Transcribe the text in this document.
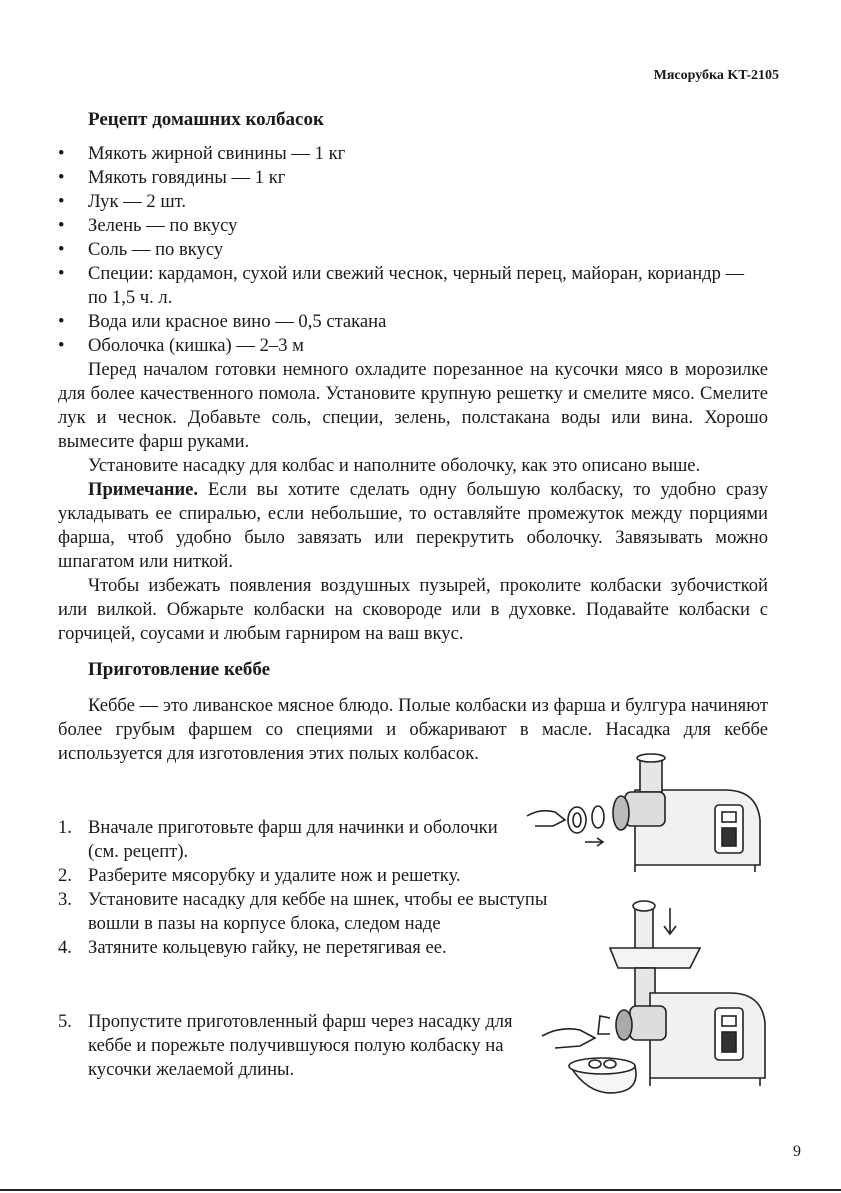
Мясорубка KT-2105
Рецепт домашних колбасок
• Мякоть жирной свинины — 1 кг
• Мякоть говядины — 1 кг
• Лук — 2 шт.
• Зелень — по вкусу
• Соль — по вкусу
• Специи: кардамон, сухой или свежий чеснок, черный перец, майоран, кориандр — по 1,5 ч. л.
• Вода или красное вино — 0,5 стакана
• Оболочка (кишка) — 2–3 м

Перед началом готовки немного охладите порезанное на кусочки мясо в морозилке для более качественного помола. Установите крупную решетку и смелите мясо. Смелите лук и чеснок. Добавьте соль, специи, зелень, полстакана воды или вина. Хорошо вымесите фарш руками.

Установите насадку для колбас и наполните оболочку, как это описано выше.

Примечание. Если вы хотите сделать одну большую колбаску, то удобно сразу укладывать ее спиралью, если небольшие, то оставляйте промежуток между порциями фарша, чтоб удобно было завязать или перекрутить оболочку. Завязывать можно шпагатом или ниткой.

Чтобы избежать появления воздушных пузырей, проколите колбаски зубочисткой или вилкой. Обжарьте колбаски на сковороде или в духовке. Подавайте колбаски с горчицей, соусами и любым гарниром на ваш вкус.

Приготовление кеббе

Кеббе — это ливанское мясное блюдо. Полые колбаски из фарша и булгура начиняют более грубым фаршем со специями и обжаривают в масле. Насадка для кеббе используется для изготовления этих полых колбасок.

1. Вначале приготовьте фарш для начинки и оболочки (см. рецепт).
2. Разберите мясорубку и удалите нож и решетку.
3. Установите насадку для кеббе на шнек, чтобы ее выступы вошли в пазы на корпусе блока, следом наде
4. Затяните кольцевую гайку, не перетягивая ее.
5. Пропустите приготовленный фарш через насадку для кеббе и порежьте получившуюся полую колбаску на кусочки желаемой длины.
9
